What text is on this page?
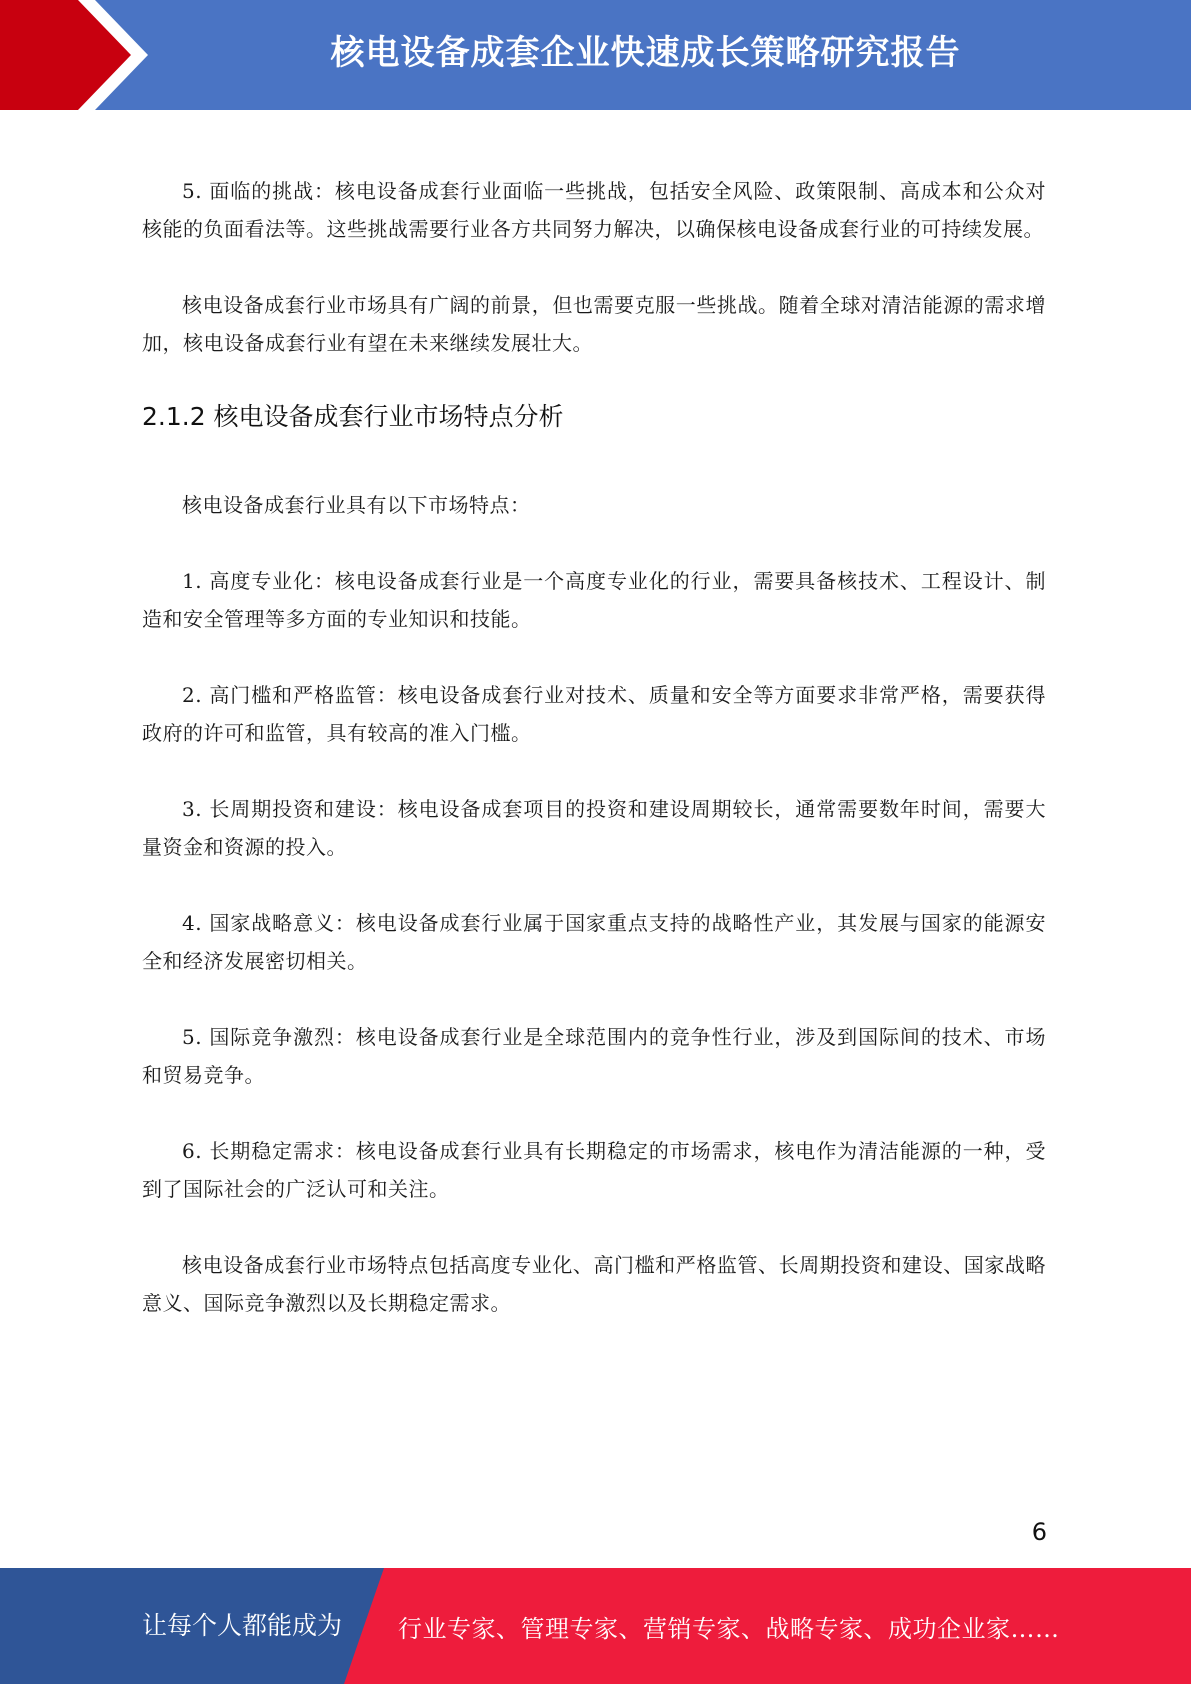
核电设备成套企业快速成长策略研究报告

5. 面临的挑战：核电设备成套行业面临一些挑战，包括安全风险、政策限制、高成本和公众对核能的负面看法等。这些挑战需要行业各方共同努力解决，以确保核电设备成套行业的可持续发展。

核电设备成套行业市场具有广阔的前景，但也需要克服一些挑战。随着全球对清洁能源的需求增加，核电设备成套行业有望在未来继续发展壮大。

2.1.2 核电设备成套行业市场特点分析

核电设备成套行业具有以下市场特点：

1. 高度专业化：核电设备成套行业是一个高度专业化的行业，需要具备核技术、工程设计、制造和安全管理等多方面的专业知识和技能。

2. 高门槛和严格监管：核电设备成套行业对技术、质量和安全等方面要求非常严格，需要获得政府的许可和监管，具有较高的准入门槛。

3. 长周期投资和建设：核电设备成套项目的投资和建设周期较长，通常需要数年时间，需要大量资金和资源的投入。

4. 国家战略意义：核电设备成套行业属于国家重点支持的战略性产业，其发展与国家的能源安全和经济发展密切相关。

5. 国际竞争激烈：核电设备成套行业是全球范围内的竞争性行业，涉及到国际间的技术、市场和贸易竞争。

6. 长期稳定需求：核电设备成套行业具有长期稳定的市场需求，核电作为清洁能源的一种，受到了国际社会的广泛认可和关注。

核电设备成套行业市场特点包括高度专业化、高门槛和严格监管、长周期投资和建设、国家战略意义、国际竞争激烈以及长期稳定需求。

6
让每个人都能成为 行业专家、管理专家、营销专家、战略专家、成功企业家……
